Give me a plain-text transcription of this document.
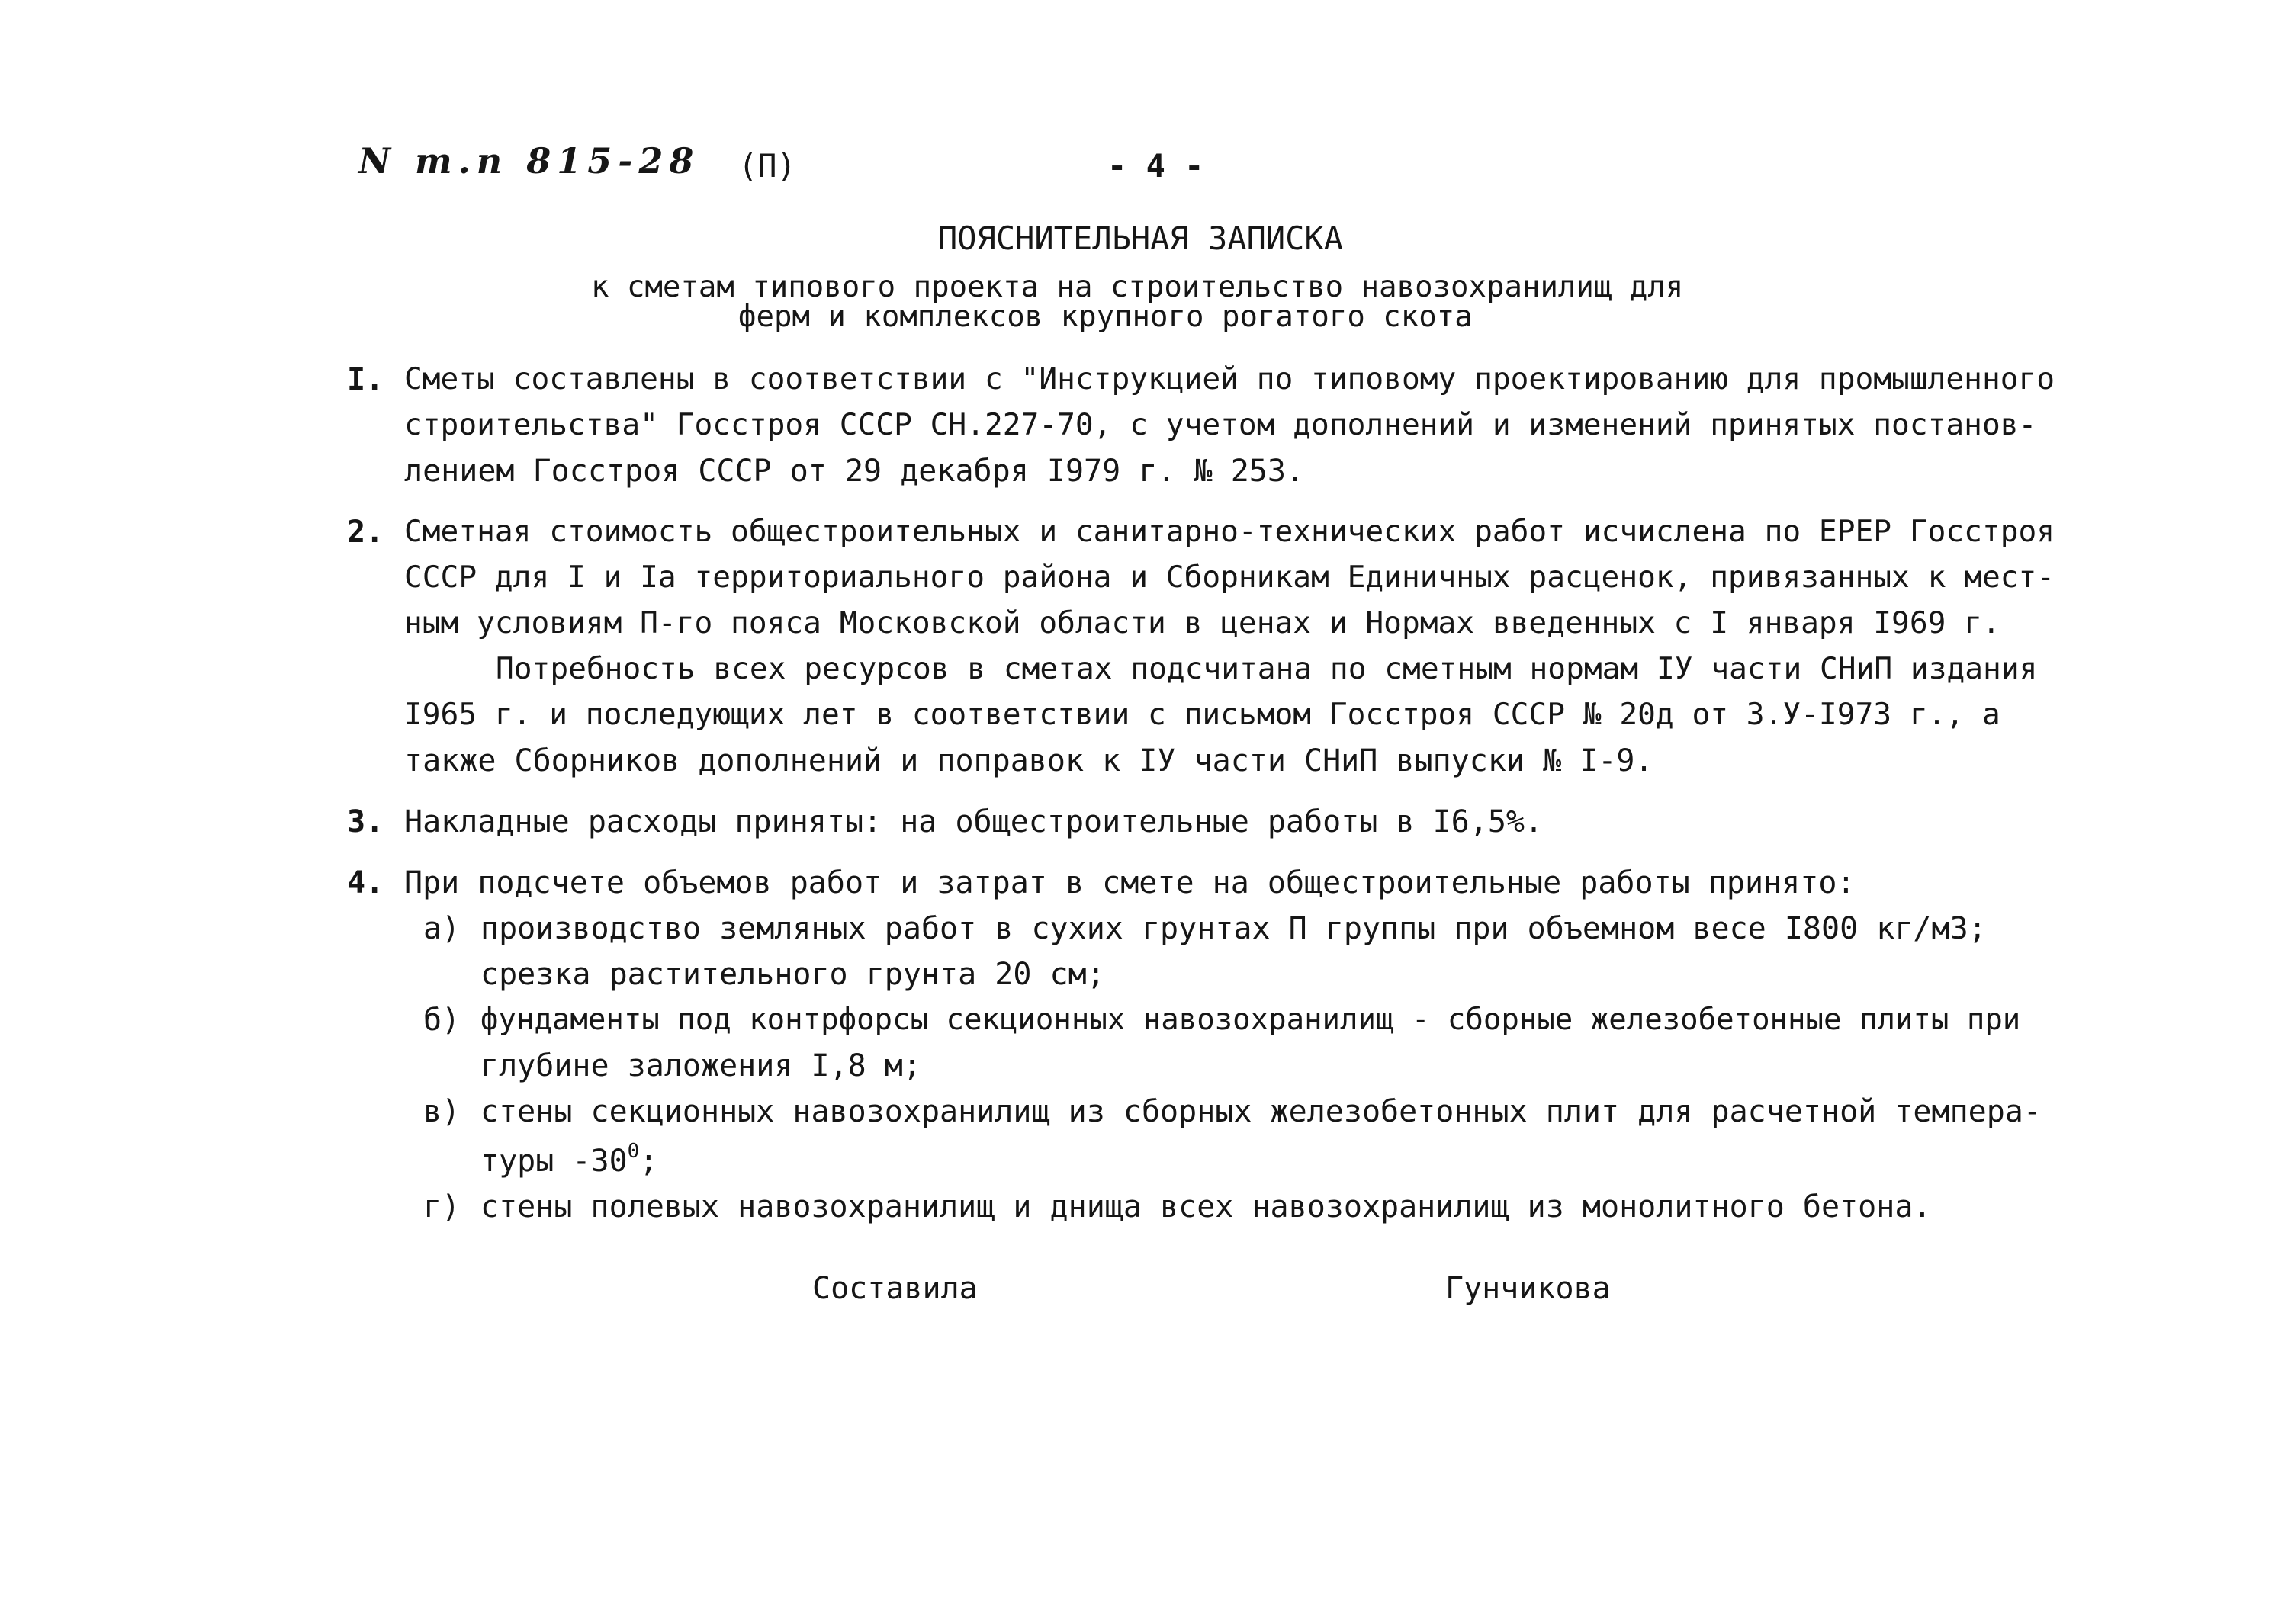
N т.п 815-28 (П)	- 4 -
ПОЯСНИТЕЛЬНАЯ ЗАПИСКА
к сметам типового проекта на строительство навозохранилищ для
ферм и комплексов крупного рогатого скота
I. Сметы составлены в соответствии с "Инструкцией по типовому проектированию для промышленного
строительства" Госстроя СССР СН.227-70, с учетом дополнений и изменений принятых постанов-
лением Госстроя СССР от 29 декабря I979 г. № 253.
2. Сметная стоимость общестроительных и санитарно-технических работ исчислена по ЕРЕР Госстроя
СССР для I и Iа территориального района и Сборникам Единичных расценок, привязанных к мест-
ным условиям П-го пояса Московской области в ценах и Нормах введенных с I января I969 г.
Потребность всех ресурсов в сметах подсчитана по сметным нормам IУ части СНиП издания
I965 г. и последующих лет в соответствии с письмом Госстроя СССР № 20д от 3.У-I973 г., а
также Сборников дополнений и поправок к IУ части СНиП выпуски № I-9.
3. Накладные расходы приняты: на общестроительные работы в I6,5%.
4. При подсчете объемов работ и затрат в смете на общестроительные работы принято:
а) производство земляных работ в сухих грунтах П группы при объемном весе I800 кг/м3;
срезка растительного грунта 20 см;
б) фундаменты под контрфорсы секционных навозохранилищ - сборные железобетонные плиты при
глубине заложения I,8 м;
в) стены секционных навозохранилищ из сборных железобетонных плит для расчетной темпера-
туры $-30^0$;
г) стены полевых навозохранилищ и днища всех навозохранилищ из монолитного бетона.
Составила	Гунчикова
